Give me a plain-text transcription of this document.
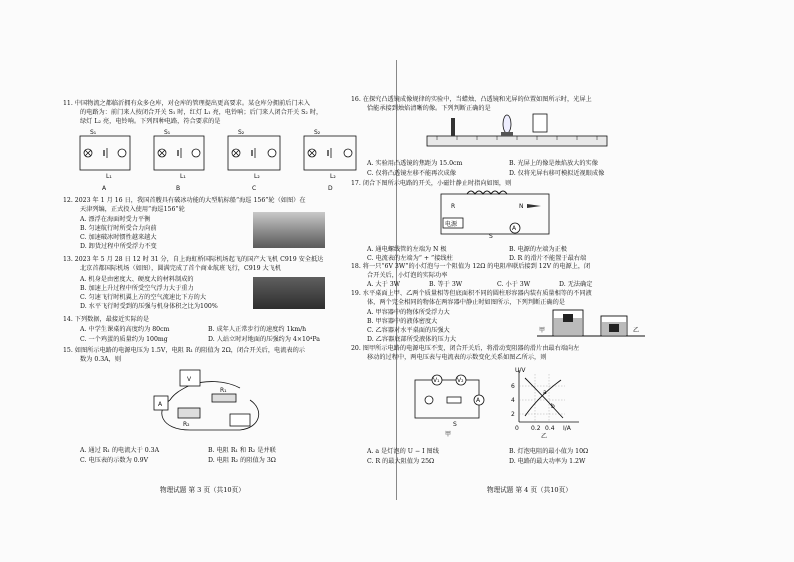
11. 中国物流之都临沂拥有众多仓库，对仓库的管理提出更高要求。某仓库分拥前后门未入
的电路为：前门来人按闭合开关 S₁ 时，红灯 L₁ 亮，电铃响；后门来人闭合开关 S₂ 时，
绿灯 L₂ 亮，电铃响。下列四种电路，符合要求的是
S₁	S₁	S₂	S₂
L₁	L₁	L₂	L₂
A	B	C	D
12. 2023 年 1 月 16 日，我国首艘具有破冰功能的大型航标船“海巡 156”轮（如图）在
天津列编，正式投入使用“海巡156”轮
A. 漂浮在海面时受力平衡
B. 匀速航行时所受合力向前
C. 加速破冰时惯性越来越大
D. 卸货过程中所受浮力不变
13. 2023 年 5 月 28 日 12 时 31 分，自上海虹桥国际机场起飞的国产大飞机 C919 安全抵达
北京首都国际机场（如图），圆满完成了首个商业航班飞行，C919 大飞机
A. 机身是由密度大、硬度大的材料制成的
B. 加速上升过程中所受空气浮力大于重力
C. 匀速飞行时机翼上方的空气流速比下方的大
D. 水平飞行时受到的压强与机身体积之比为100%
14. 下列数据，最接近实际的是
A. 中学生课桌的高度约为 80cm	B. 成年人正常步行的速度约 1km/h
C. 一个鸡蛋的质量约为 100mg	D. 人站立时对地面的压强约为 4×10⁴Pa
15. 如图所示电路的电源电压为 1.5V，电阻 R₁ 的阻值为 2Ω，闭合开关后，电流表的示
数为 0.3A，则
V
R₁
R₂
A
A. 通过 R₁ 的电流大于 0.3A	B. 电阻 R₁ 和 R₂ 是并联
C. 电压表的示数为 0.9V	D. 电阻 R₂ 的阻值为 3Ω
物理试题 第 3 页（共10页）
16. 在探究凸透镜成像规律的实验中，当蜡烛、凸透镜和光屏的位置如图所示时，光屏上
恰能承接到烛焰清晰的像。下列判断正确的是
A. 实验用凸透镜的焦距为 15.0cm	B. 光屏上的像是烛焰放大的实像
C. 仅将凸透镜左移不能再次成像	D. 仅将光屏右移可模拟近视眼成像
17. 闭合下图所示电路的开关，小磁针静止时指向如图，则
N
电源
A
S
R
A. 通电螺线管的左端为 N 极	B. 电源的左端为正极
C. 电流表的左端为“ + ”接线柱	D. R 的滑片不能置于最右端
18. 将一只“6V 3W”的小灯泡与一个阻值为 12Ω 的电阻串联后接到 12V 的电源上，闭
合开关后，小灯泡的实际功率
A. 大于 3W	B. 等于 3W	C. 小于 3W	D. 无法确定
19. 水平桌面上甲、乙两个质量相等但底面积不同的圆柱形容器内装有质量相等的不同液
体，两个完全相同的物体在两容器中静止时如图所示，下列判断正确的是
A. 甲容器中的物体所受浮力大
B. 甲容器中的液体密度大
C. 乙容器对水平桌面的压强大
D. 乙容器底部所受液体的压力大
甲	乙
20. 图甲所示电路的电源电压不变，闭合开关后，将滑动变阻器的滑片由最右端向左
移动的过程中，两电压表与电流表的示数变化关系如图乙所示，则
V₁	V₂
A
S
甲
U/V
I/A
6
4
2
0 0.2 0.4
a
b
乙
A. a 是灯泡的 U − I 图线	B. 灯泡电阻的最小值为 10Ω
C. R 的最大阻值为 25Ω	D. 电路的最大功率为 1.2W
物理试题 第 4 页（共10页）
